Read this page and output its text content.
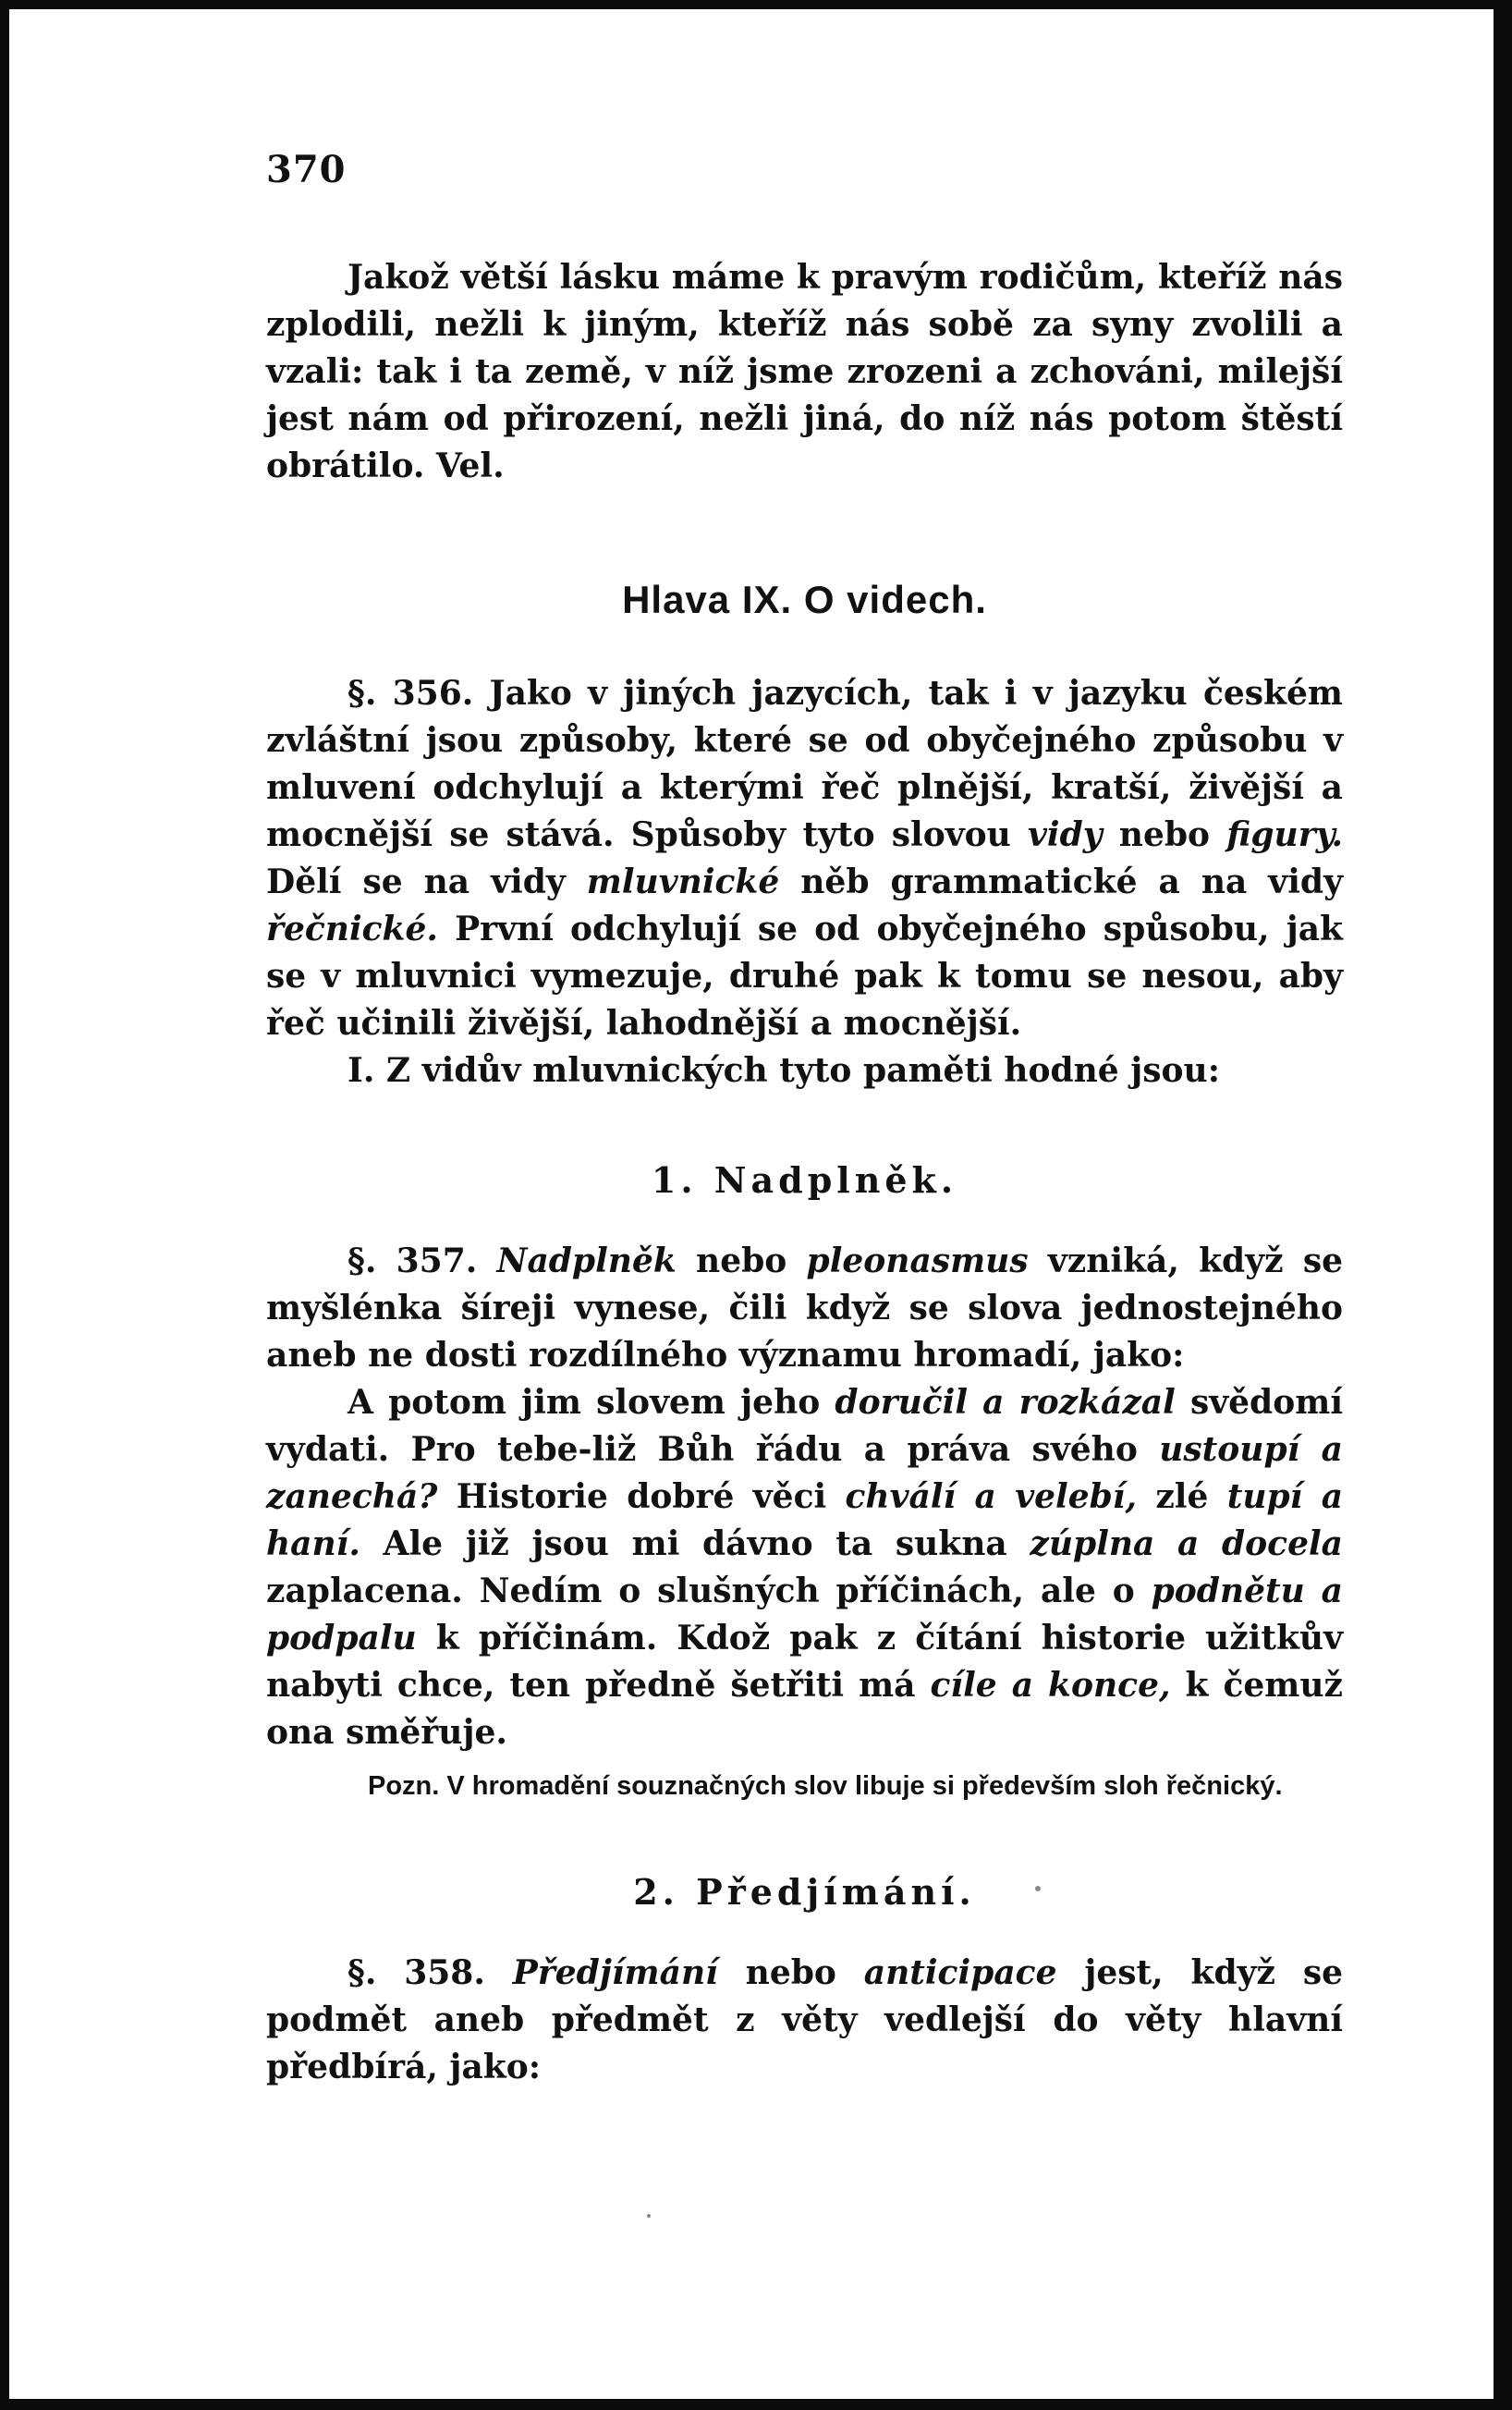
370

Jakož větší lásku máme k pravým rodičům, kteříž nás zplodili, nežli k jiným, kteříž nás sobě za syny zvolili a vzali: tak i ta země, v níž jsme zrozeni a zchováni, milejší jest nám od přirození, nežli jiná, do níž nás potom štěstí obrátilo. Vel.

Hlava IX. O videch.

§. 356. Jako v jiných jazycích, tak i v jazyku českém zvláštní jsou způsoby, které se od obyčejného způsobu v mluvení odchylují a kterými řeč plnější, kratší, živější a mocnější se stává. Spůsoby tyto slovou vidy nebo figury. Dělí se na vidy mluvnické něb grammatické a na vidy řečnické. První odchylují se od obyčejného spůsobu, jak se v mluvnici vymezuje, druhé pak k tomu se nesou, aby řeč učinili živější, lahodnější a mocnější.

I. Z vidův mluvnických tyto paměti hodné jsou:

1. Nadplněk.

§. 357. Nadplněk nebo pleonasmus vzniká, když se myšlénka šíreji vynese, čili když se slova jednostejného aneb ne dosti rozdílného významu hromadí, jako:

A potom jim slovem jeho doručil a rozkázal svědomí vydati. Pro tebe-liž Bůh řádu a práva svého ustoupí a zanechá? Historie dobré věci chválí a velebí, zlé tupí a haní. Ale již jsou mi dávno ta sukna zúplna a docela zaplacena. Nedím o slušných příčinách, ale o podnětu a podpalu k příčinám. Kdož pak z čítání historie užitkův nabyti chce, ten předně šetřiti má cíle a konce, k čemuž ona směřuje.

Pozn. V hromadění souznačných slov libuje si především sloh řečnický.

2. Předjímání.

§. 358. Předjímání nebo anticipace jest, když se podmět aneb předmět z věty vedlejší do věty hlavní předbírá, jako:
